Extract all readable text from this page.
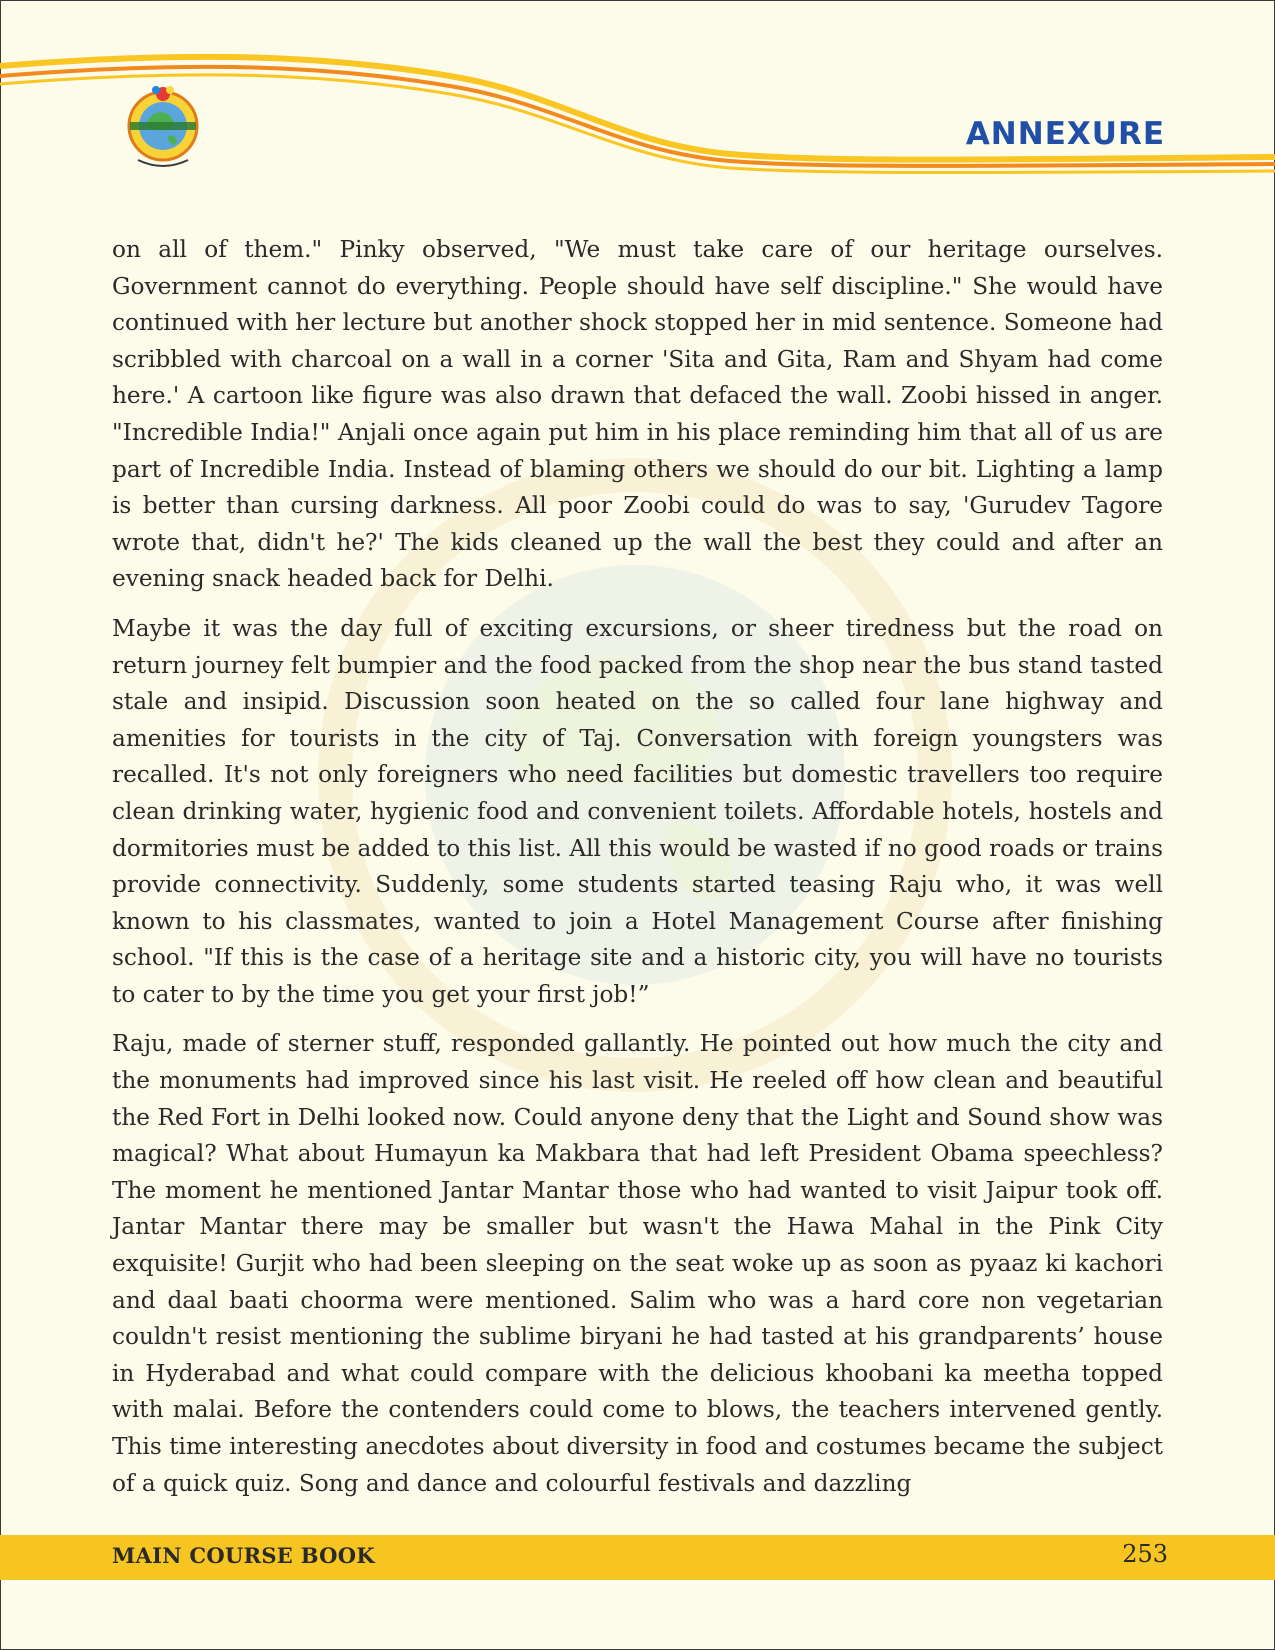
ANNEXURE

on all of them." Pinky observed, "We must take care of our heritage ourselves. Government cannot do everything. People should have self discipline." She would have continued with her lecture but another shock stopped her in mid sentence. Someone had scribbled with charcoal on a wall in a corner 'Sita and Gita, Ram and Shyam had come here.' A cartoon like figure was also drawn that defaced the wall. Zoobi hissed in anger. "Incredible India!" Anjali once again put him in his place reminding him that all of us are part of Incredible India. Instead of blaming others we should do our bit. Lighting a lamp is better than cursing darkness. All poor Zoobi could do was to say, 'Gurudev Tagore wrote that, didn't he?' The kids cleaned up the wall the best they could and after an evening snack headed back for Delhi.

Maybe it was the day full of exciting excursions, or sheer tiredness but the road on return journey felt bumpier and the food packed from the shop near the bus stand tasted stale and insipid. Discussion soon heated on the so called four lane highway and amenities for tourists in the city of Taj. Conversation with foreign youngsters was recalled. It's not only foreigners who need facilities but domestic travellers too require clean drinking water, hygienic food and convenient toilets. Affordable hotels, hostels and dormitories must be added to this list. All this would be wasted if no good roads or trains provide connectivity. Suddenly, some students started teasing Raju who, it was well known to his classmates, wanted to join a Hotel Management Course after finishing school. "If this is the case of a heritage site and a historic city, you will have no tourists to cater to by the time you get your first job!”

Raju, made of sterner stuff, responded gallantly. He pointed out how much the city and the monuments had improved since his last visit. He reeled off how clean and beautiful the Red Fort in Delhi looked now. Could anyone deny that the Light and Sound show was magical? What about Humayun ka Makbara that had left President Obama speechless? The moment he mentioned Jantar Mantar those who had wanted to visit Jaipur took off. Jantar Mantar there may be smaller but wasn't the Hawa Mahal in the Pink City exquisite! Gurjit who had been sleeping on the seat woke up as soon as pyaaz ki kachori and daal baati choorma were mentioned. Salim who was a hard core non vegetarian couldn't resist mentioning the sublime biryani he had tasted at his grandparents’ house in Hyderabad and what could compare with the delicious khoobani ka meetha topped with malai. Before the contenders could come to blows, the teachers intervened gently. This time interesting anecdotes about diversity in food and costumes became the subject of a quick quiz. Song and dance and colourful festivals and dazzling

MAIN COURSE BOOK	253
